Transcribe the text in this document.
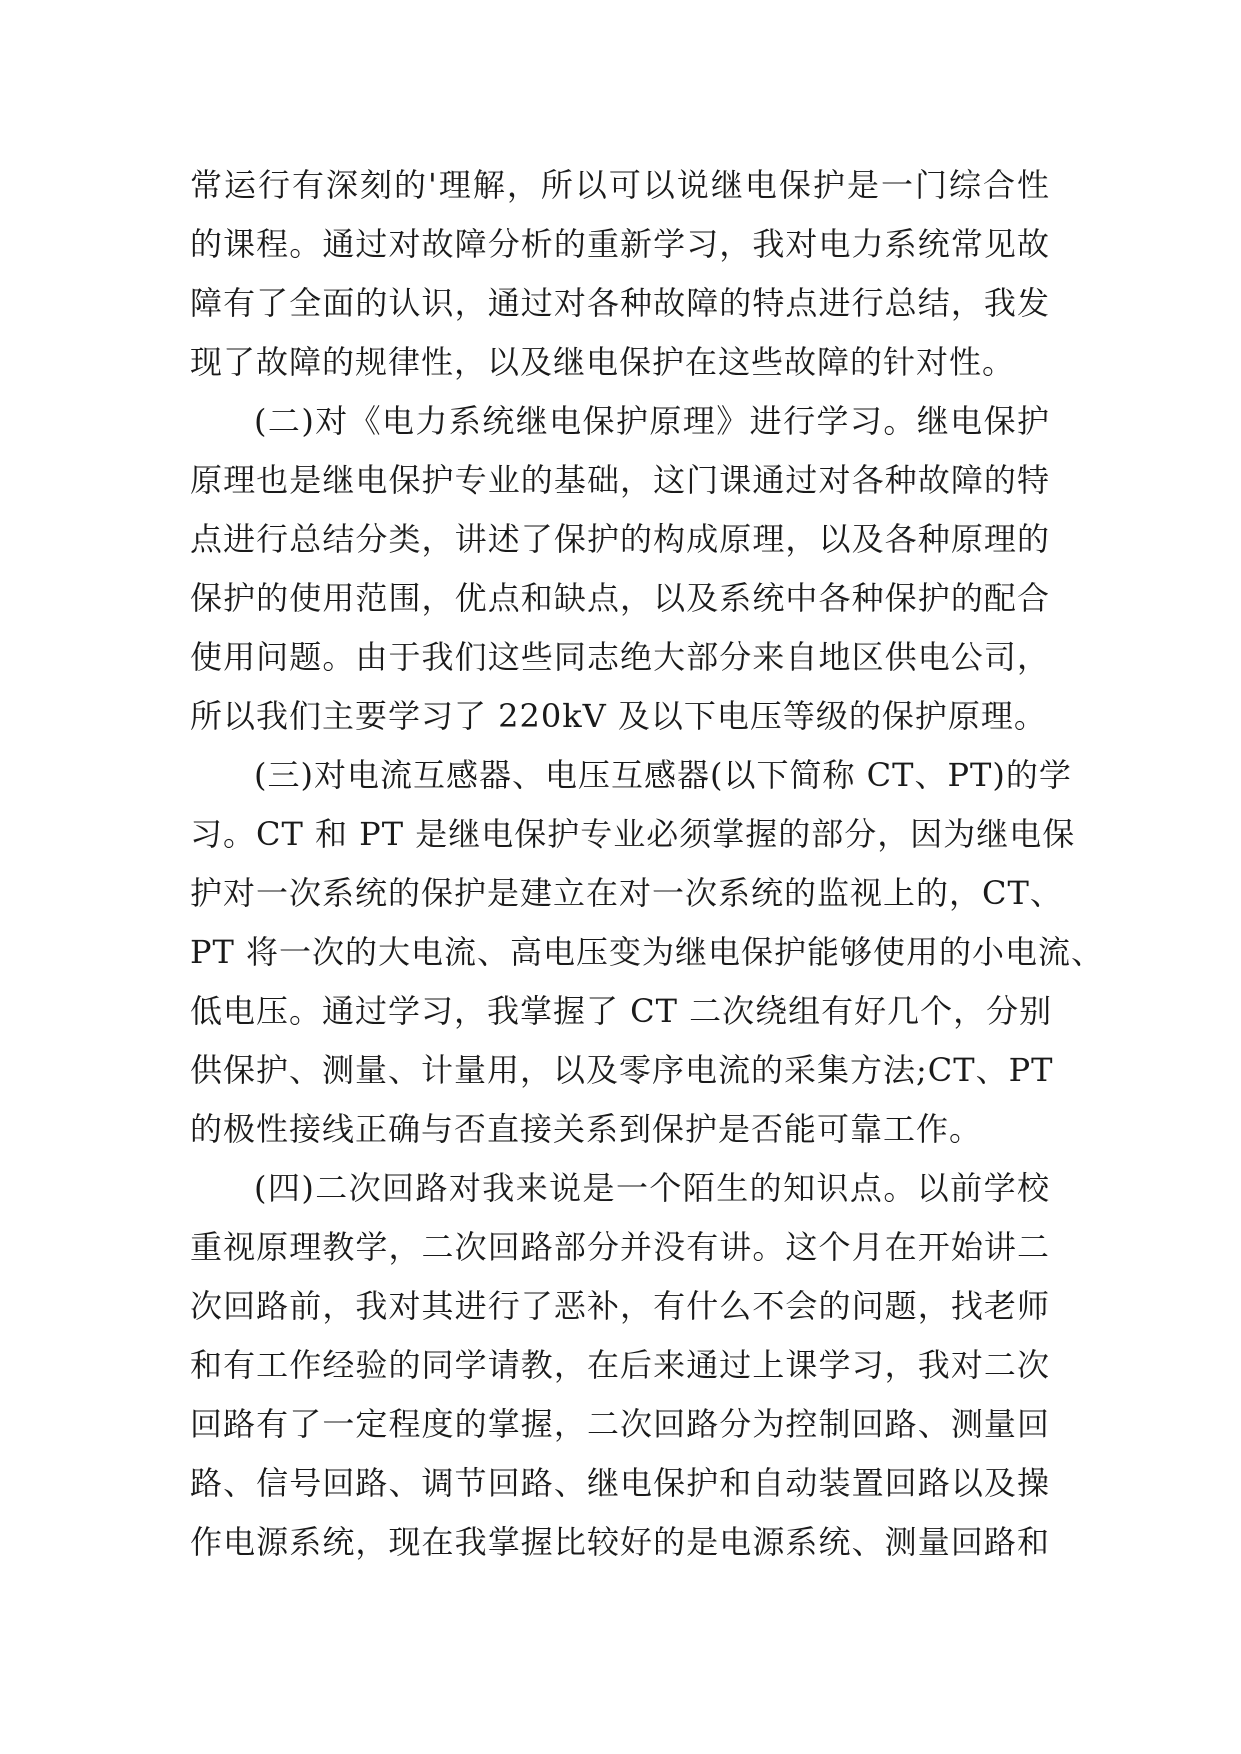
常运行有深刻的'理解，所以可以说继电保护是一门综合性
的课程。通过对故障分析的重新学习，我对电力系统常见故
障有了全面的认识，通过对各种故障的特点进行总结，我发
现了故障的规律性，以及继电保护在这些故障的针对性。
(二)对《电力系统继电保护原理》进行学习。继电保护
原理也是继电保护专业的基础，这门课通过对各种故障的特
点进行总结分类，讲述了保护的构成原理，以及各种原理的
保护的使用范围，优点和缺点，以及系统中各种保护的配合
使用问题。由于我们这些同志绝大部分来自地区供电公司，
所以我们主要学习了 220kV 及以下电压等级的保护原理。
(三)对电流互感器、电压互感器(以下简称 CT、PT)的学
习。CT 和 PT 是继电保护专业必须掌握的部分，因为继电保
护对一次系统的保护是建立在对一次系统的监视上的，CT、
PT 将一次的大电流、高电压变为继电保护能够使用的小电流、
低电压。通过学习，我掌握了 CT 二次绕组有好几个，分别
供保护、测量、计量用，以及零序电流的采集方法;CT、PT
的极性接线正确与否直接关系到保护是否能可靠工作。
(四)二次回路对我来说是一个陌生的知识点。以前学校
重视原理教学，二次回路部分并没有讲。这个月在开始讲二
次回路前，我对其进行了恶补，有什么不会的问题，找老师
和有工作经验的同学请教，在后来通过上课学习，我对二次
回路有了一定程度的掌握，二次回路分为控制回路、测量回
路、信号回路、调节回路、继电保护和自动装置回路以及操
作电源系统，现在我掌握比较好的是电源系统、测量回路和
